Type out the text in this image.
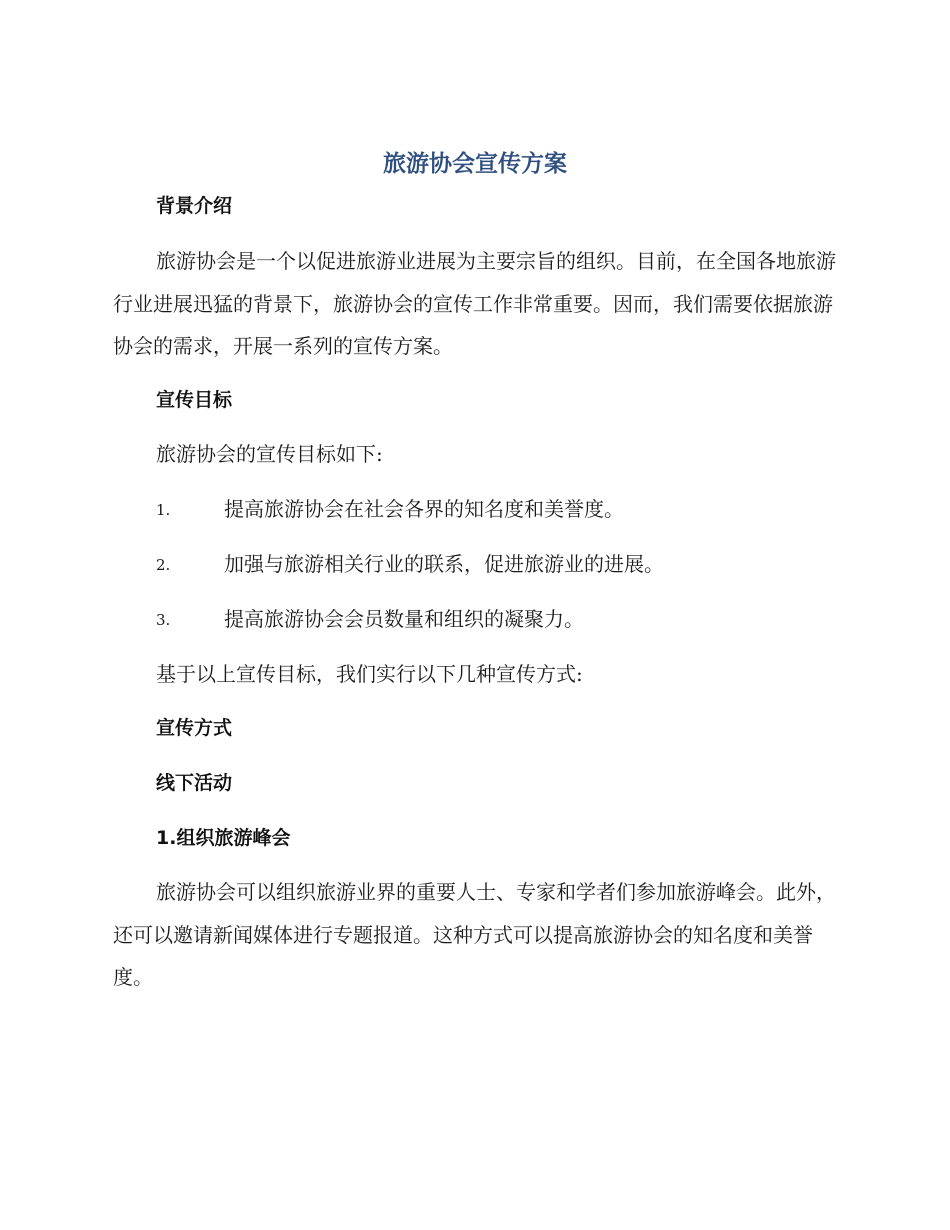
旅游协会宣传方案
背景介绍
旅游协会是一个以促进旅游业进展为主要宗旨的组织。目前，在全国各地旅游行业进展迅猛的背景下，旅游协会的宣传工作非常重要。因而，我们需要依据旅游协会的需求，开展一系列的宣传方案。
宣传目标
旅游协会的宣传目标如下:
1.	提高旅游协会在社会各界的知名度和美誉度。
2.	加强与旅游相关行业的联系，促进旅游业的进展。
3.	提高旅游协会会员数量和组织的凝聚力。
基于以上宣传目标，我们实行以下几种宣传方式:
宣传方式
线下活动
1.组织旅游峰会
旅游协会可以组织旅游业界的重要人士、专家和学者们参加旅游峰会。此外，还可以邀请新闻媒体进行专题报道。这种方式可以提高旅游协会的知名度和美誉度。
